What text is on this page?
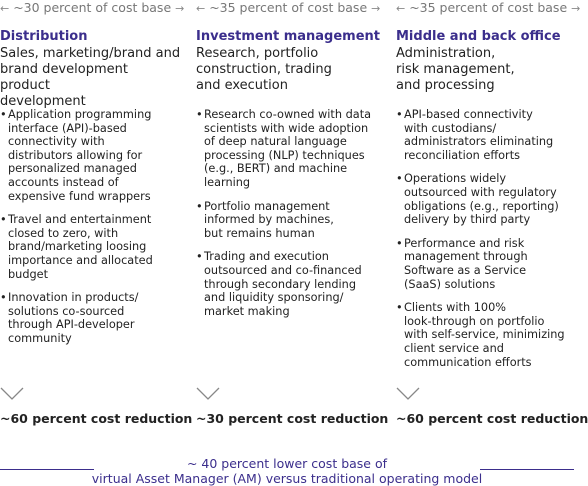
← ~30 percent of cost base →
Distribution
Sales, marketing/brand and
brand development product
development
• Application programming
interface (API)-based
connectivity with
distributors allowing for
personalized managed
accounts instead of
expensive fund wrappers
• Travel and entertainment
closed to zero, with
brand/marketing loosing
importance and allocated
budget
• Innovation in products/
solutions co-sourced
through API-developer
community
~60 percent cost reduction
← ~35 percent of cost base →
Investment management
Research, portfolio
construction, trading
and execution
• Research co-owned with data
scientists with wide adoption
of deep natural language
processing (NLP) techniques
(e.g., BERT) and machine
learning
• Portfolio management
informed by machines,
but remains human
• Trading and execution
outsourced and co-financed
through secondary lending
and liquidity sponsoring/
market making
~30 percent cost reduction
← ~35 percent of cost base →
Middle and back office
Administration,
risk management,
and processing
• API-based connectivity
with custodians/
administrators eliminating
reconciliation efforts
• Operations widely
outsourced with regulatory
obligations (e.g., reporting)
delivery by third party
• Performance and risk
management through
Software as a Service
(SaaS) solutions
• Clients with 100%
look-through on portfolio
with self-service, minimizing
client service and
communication efforts
~60 percent cost reduction
~ 40 percent lower cost base of
virtual Asset Manager (AM) versus traditional operating model
